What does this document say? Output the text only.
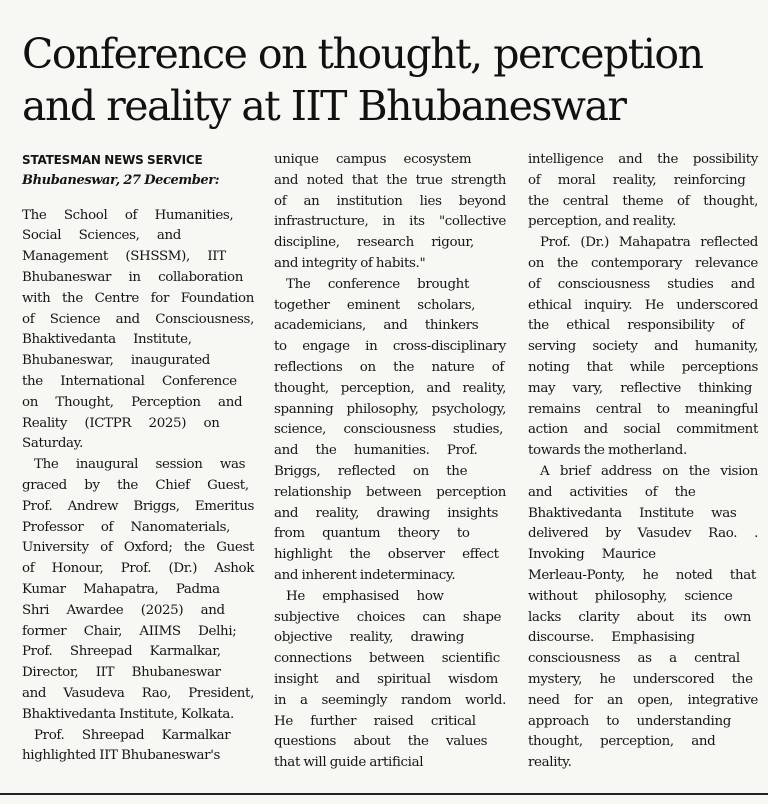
Conference on thought, perception
and reality at IIT Bhubaneswar
STATESMAN NEWS SERVICE
Bhubaneswar, 27 December:
The School of Humanities,
Social Sciences, and
Management (SHSSM), IIT
Bhubaneswar in collaboration
with the Centre for Foundation
of Science and Consciousness,
Bhaktivedanta Institute,
Bhubaneswar, inaugurated
the International Conference
on Thought, Perception and
Reality (ICTPR 2025) on
Saturday.
The inaugural session was
graced by the Chief Guest,
Prof. Andrew Briggs, Emeritus
Professor of Nanomaterials,
University of Oxford; the Guest
of Honour, Prof. (Dr.) Ashok
Kumar Mahapatra, Padma
Shri Awardee (2025) and
former Chair, AIIMS Delhi;
Prof. Shreepad Karmalkar,
Director, IIT Bhubaneswar
and Vasudeva Rao, President,
Bhaktivedanta Institute, Kolkata.
Prof. Shreepad Karmalkar
highlighted IIT Bhubaneswar's
unique campus ecosystem
and noted that the true strength
of an institution lies beyond
infrastructure, in its "collective
discipline, research rigour,
and integrity of habits."
The conference brought
together eminent scholars,
academicians, and thinkers
to engage in cross-disciplinary
reflections on the nature of
thought, perception, and reality,
spanning philosophy, psychology,
science, consciousness studies,
and the humanities. Prof.
Briggs, reflected on the
relationship between perception
and reality, drawing insights
from quantum theory to
highlight the observer effect
and inherent indeterminacy.
He emphasised how
subjective choices can shape
objective reality, drawing
connections between scientific
insight and spiritual wisdom
in a seemingly random world.
He further raised critical
questions about the values
that will guide artificial
intelligence and the possibility
of moral reality, reinforcing
the central theme of thought,
perception, and reality.
Prof. (Dr.) Mahapatra reflected
on the contemporary relevance
of consciousness studies and
ethical inquiry. He underscored
the ethical responsibility of
serving society and humanity,
noting that while perceptions
may vary, reflective thinking
remains central to meaningful
action and social commitment
towards the motherland.
A brief address on the vision
and activities of the
Bhaktivedanta Institute was
delivered by Vasudev Rao. .
Invoking Maurice
Merleau-Ponty, he noted that
without philosophy, science
lacks clarity about its own
discourse. Emphasising
consciousness as a central
mystery, he underscored the
need for an open, integrative
approach to understanding
thought, perception, and
reality.
